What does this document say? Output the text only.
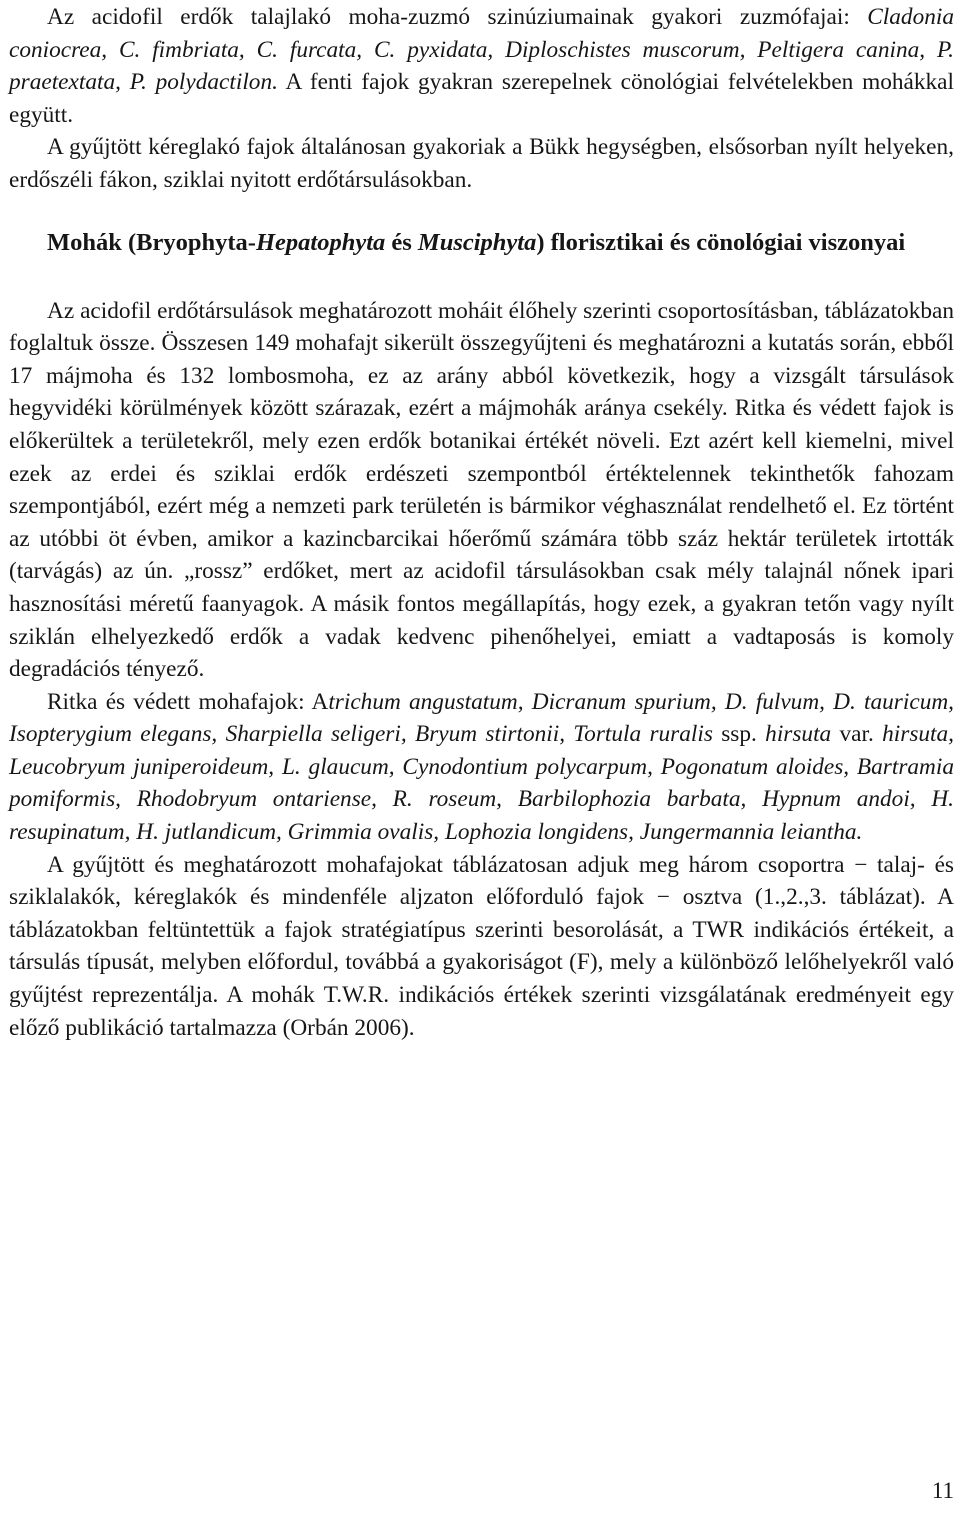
Az acidofil erdők talajlakó moha-zuzmó szinúziumainak gyakori zuzmófajai: Cladonia coniocrea, C. fimbriata, C. furcata, C. pyxidata, Diploschistes muscorum, Peltigera canina, P. praetextata, P. polydactilon. A fenti fajok gyakran szerepelnek cönológiai felvételekben mohákkal együtt.

A gyűjtött kéreglakó fajok általánosan gyakoriak a Bükk hegységben, elsősorban nyílt helyeken, erdőszéli fákon, sziklai nyitott erdőtársulásokban.

Mohák (Bryophyta-Hepatophyta és Musciphyta) florisztikai és cönológiai viszonyai

Az acidofil erdőtársulások meghatározott moháit élőhely szerinti csoportosításban, táblázatokban foglaltuk össze. Összesen 149 mohafajt sikerült összegyűjteni és meghatározni a kutatás során, ebből 17 májmoha és 132 lombosmoha, ez az arány abból következik, hogy a vizsgált társulások hegyvidéki körülmények között szárazak, ezért a májmohák aránya csekély. Ritka és védett fajok is előkerültek a területekről, mely ezen erdők botanikai értékét növeli. Ezt azért kell kiemelni, mivel ezek az erdei és sziklai erdők erdészeti szempontból értéktelennek tekinthetők fahozam szempontjából, ezért még a nemzeti park területén is bármikor véghasználat rendelhető el. Ez történt az utóbbi öt évben, amikor a kazincbarcikai hőerőmű számára több száz hektár területek irtották (tarvágás) az ún. „rossz” erdőket, mert az acidofil társulásokban csak mély talajnál nőnek ipari hasznosítási méretű faanyagok. A másik fontos megállapítás, hogy ezek, a gyakran tetőn vagy nyílt sziklán elhelyezkedő erdők a vadak kedvenc pihenőhelyei, emiatt a vadtaposás is komoly degradációs tényező.

Ritka és védett mohafajok: Atrichum angustatum, Dicranum spurium, D. fulvum, D. tauricum, Isopterygium elegans, Sharpiella seligeri, Bryum stirtonii, Tortula ruralis ssp. hirsuta var. hirsuta, Leucobryum juniperoideum, L. glaucum, Cynodontium polycarpum, Pogonatum aloides, Bartramia pomiformis, Rhodobryum ontariense, R. roseum, Barbilophozia barbata, Hypnum andoi, H. resupinatum, H. jutlandicum, Grimmia ovalis, Lophozia longidens, Jungermannia leiantha.

A gyűjtött és meghatározott mohafajokat táblázatosan adjuk meg három csoportra − talaj- és sziklalakók, kéreglakók és mindenféle aljzaton előforduló fajok − osztva (1.,2.,3. táblázat). A táblázatokban feltüntettük a fajok stratégiatípus szerinti besorolását, a TWR indikációs értékeit, a társulás típusát, melyben előfordul, továbbá a gyakoriságot (F), mely a különböző lelőhelyekről való gyűjtést reprezentálja. A mohák T.W.R. indikációs értékek szerinti vizsgálatának eredményeit egy előző publikáció tartalmazza (Orbán 2006).

11
